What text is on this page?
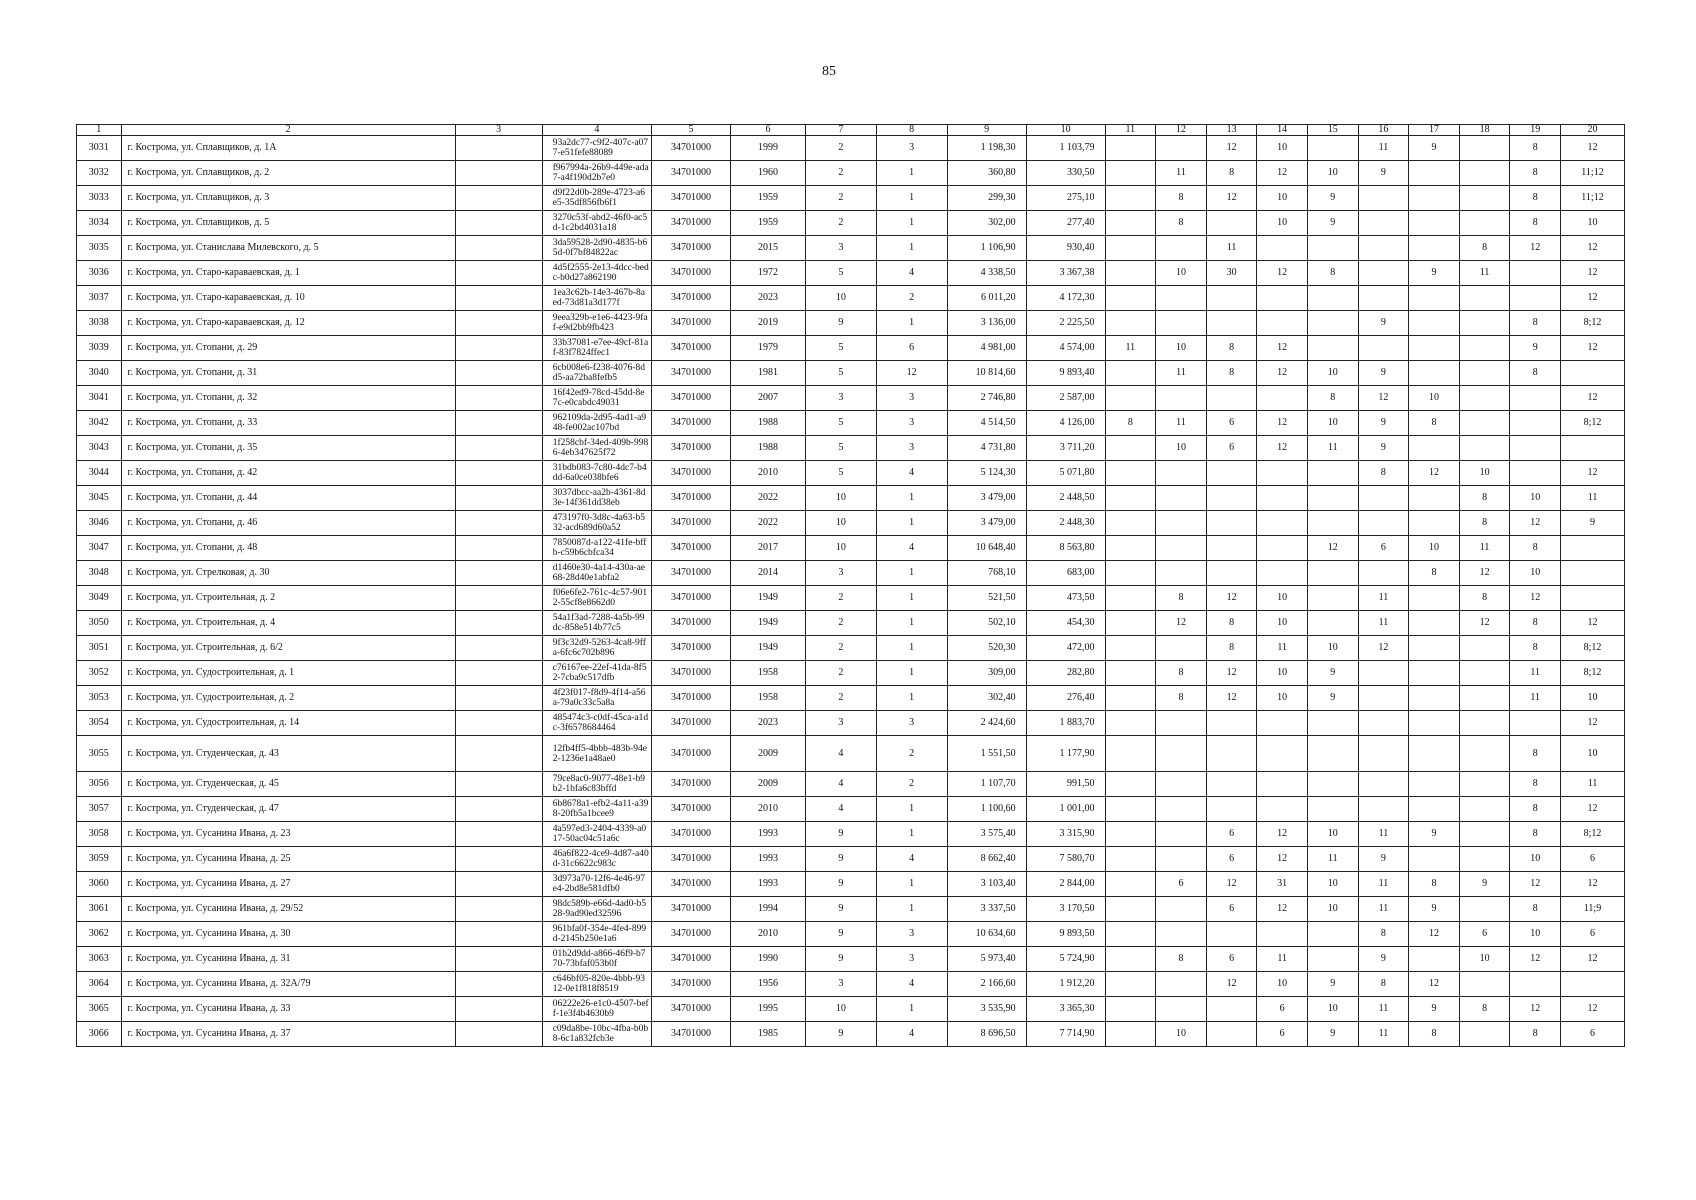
85
1	2	3	4	5	6	7	8	9	10	11	12	13	14	15	16	17	18	19	20
3031	г. Кострома, ул. Сплавщиков, д. 1А		93a2dc77-c9f2-407c-a077-e51fefe88089	34701000	1999	2	3	1 198,30	1 103,79			12	10		11	9		8	12
3032	г. Кострома, ул. Сплавщиков, д. 2		f967994a-26b9-449e-ada7-a4f190d2b7e0	34701000	1960	2	1	360,80	330,50		11	8	12	10	9			8	11;12
3033	г. Кострома, ул. Сплавщиков, д. 3		d9f22d0b-289e-4723-a6e5-35df856fb6f1	34701000	1959	2	1	299,30	275,10		8	12	10	9				8	11;12
3034	г. Кострома, ул. Сплавщиков, д. 5		3270c53f-abd2-46f0-ac5d-1c2bd4031a18	34701000	1959	2	1	302,00	277,40		8		10	9				8	10
3035	г. Кострома, ул. Станислава Милевского, д. 5		3da59528-2d90-4835-b65d-0f7bf84822ac	34701000	2015	3	1	1 106,90	930,40			11					8	12	12
3036	г. Кострома, ул. Старо-караваевская, д. 1		4d5f2555-2e13-4dcc-bedc-b0d27a862190	34701000	1972	5	4	4 338,50	3 367,38		10	30	12	8		9	11		12
3037	г. Кострома, ул. Старо-караваевская, д. 10		1ea3c62b-14e3-467b-8aed-73d81a3d177f	34701000	2023	10	2	6 011,20	4 172,30										12
3038	г. Кострома, ул. Старо-караваевская, д. 12		9eea329b-e1e6-4423-9faf-e9d2bb9fb423	34701000	2019	9	1	3 136,00	2 225,50						9			8	8;12
3039	г. Кострома, ул. Стопани, д. 29		33b37081-e7ee-49cf-81af-83f7824ffec1	34701000	1979	5	6	4 981,00	4 574,00	11	10	8	12					9	12
3040	г. Кострома, ул. Стопани, д. 31		6cb008e6-f238-4076-8dd5-aa72ba8fefb5	34701000	1981	5	12	10 814,60	9 893,40		11	8	12	10	9			8	
3041	г. Кострома, ул. Стопани, д. 32		16f42ed9-78cd-45dd-8e7c-e0cabdc49031	34701000	2007	3	3	2 746,80	2 587,00					8	12	10			12
3042	г. Кострома, ул. Стопани, д. 33		962109da-2d95-4ad1-a948-fe002ac107bd	34701000	1988	5	3	4 514,50	4 126,00	8	11	6	12	10	9	8			8;12
3043	г. Кострома, ул. Стопани, д. 35		1f258cbf-34ed-409b-9986-4eb347625f72	34701000	1988	5	3	4 731,80	3 711,20		10	6	12	11	9				
3044	г. Кострома, ул. Стопани, д. 42		31bdb083-7c80-4dc7-b4dd-6a0ce038bfe6	34701000	2010	5	4	5 124,30	5 071,80						8	12	10		12
3045	г. Кострома, ул. Стопани, д. 44		3037dbcc-aa2b-4361-8d3e-14f361dd38eb	34701000	2022	10	1	3 479,00	2 448,50								8	10	11
3046	г. Кострома, ул. Стопани, д. 46		473197f0-3d8c-4a63-b532-acd689d60a52	34701000	2022	10	1	3 479,00	2 448,30								8	12	9
3047	г. Кострома, ул. Стопани, д. 48		7850087d-a122-41fe-bffb-c59b6cbfca34	34701000	2017	10	4	10 648,40	8 563,80					12	6	10	11	8	
3048	г. Кострома, ул. Стрелковая, д. 30		d1460e30-4a14-430a-ae68-28d40e1abfa2	34701000	2014	3	1	768,10	683,00							8	12	10	
3049	г. Кострома, ул. Строительная, д. 2		f06e6fe2-761c-4c57-9012-55cf8e8662d0	34701000	1949	2	1	521,50	473,50		8	12	10		11		8	12	
3050	г. Кострома, ул. Строительная, д. 4		54a1f3ad-7288-4a5b-99dc-858e514b77c5	34701000	1949	2	1	502,10	454,30		12	8	10		11		12	8	12
3051	г. Кострома, ул. Строительная, д. 6/2		9f3c32d9-5263-4ca8-9ffa-6fc6c702b896	34701000	1949	2	1	520,30	472,00			8	11	10	12			8	8;12
3052	г. Кострома, ул. Судостроительная, д. 1		c76167ee-22ef-41da-8f52-7cba9c517dfb	34701000	1958	2	1	309,00	282,80		8	12	10	9				11	8;12
3053	г. Кострома, ул. Судостроительная, д. 2		4f23f017-f8d9-4f14-a56a-79a0c33c5a8a	34701000	1958	2	1	302,40	276,40		8	12	10	9				11	10
3054	г. Кострома, ул. Судостроительная, д. 14		485474c3-c0df-45ca-a1dc-3f6578684464	34701000	2023	3	3	2 424,60	1 883,70										12
3055	г. Кострома, ул. Студенческая, д. 43		12fb4ff5-4bbb-483b-94e2-1236e1a48ae0	34701000	2009	4	2	1 551,50	1 177,90									8	10
3056	г. Кострома, ул. Студенческая, д. 45		79ce8ac0-9077-48e1-b9b2-1bfa6c83bffd	34701000	2009	4	2	1 107,70	991,50									8	11
3057	г. Кострома, ул. Студенческая, д. 47		6b8678a1-efb2-4a11-a398-20fb5a1bcee9	34701000	2010	4	1	1 100,60	1 001,00									8	12
3058	г. Кострома, ул. Сусанина Ивана, д. 23		4a597ed3-2404-4339-a017-50ac04c51a6c	34701000	1993	9	1	3 575,40	3 315,90			6	12	10	11	9		8	8;12
3059	г. Кострома, ул. Сусанина Ивана, д. 25		46a6f822-4ce9-4d87-a40d-31c6622c983c	34701000	1993	9	4	8 662,40	7 580,70			6	12	11	9			10	6
3060	г. Кострома, ул. Сусанина Ивана, д. 27		3d973a70-12f6-4e46-97e4-2bd8e581dfb0	34701000	1993	9	1	3 103,40	2 844,00		6	12	31	10	11	8	9	12	12
3061	г. Кострома, ул. Сусанина Ивана, д. 29/52		98dc589b-e66d-4ad0-b528-9ad90ed32596	34701000	1994	9	1	3 337,50	3 170,50			6	12	10	11	9		8	11;9
3062	г. Кострома, ул. Сусанина Ивана, д. 30		961bfa0f-354e-4fe4-899d-2145b250e1a6	34701000	2010	9	3	10 634,60	9 893,50						8	12	6	10	6
3063	г. Кострома, ул. Сусанина Ивана, д. 31		01b2d9dd-a866-46f9-b770-73bfaf053b0f	34701000	1990	9	3	5 973,40	5 724,90		8	6	11		9		10	12	12
3064	г. Кострома, ул. Сусанина Ивана, д. 32А/79		c646bf05-820e-4bbb-9312-0e1f818f8519	34701000	1956	3	4	2 166,60	1 912,20			12	10	9	8	12			
3065	г. Кострома, ул. Сусанина Ивана, д. 33		06222e26-e1c0-4507-beff-1e3f4b4630b9	34701000	1995	10	1	3 535,90	3 365,30				6	10	11	9	8	12	12
3066	г. Кострома, ул. Сусанина Ивана, д. 37		c09da8be-10bc-4fba-b0b8-6c1a832fcb3e	34701000	1985	9	4	8 696,50	7 714,90		10		6	9	11	8		8	6
